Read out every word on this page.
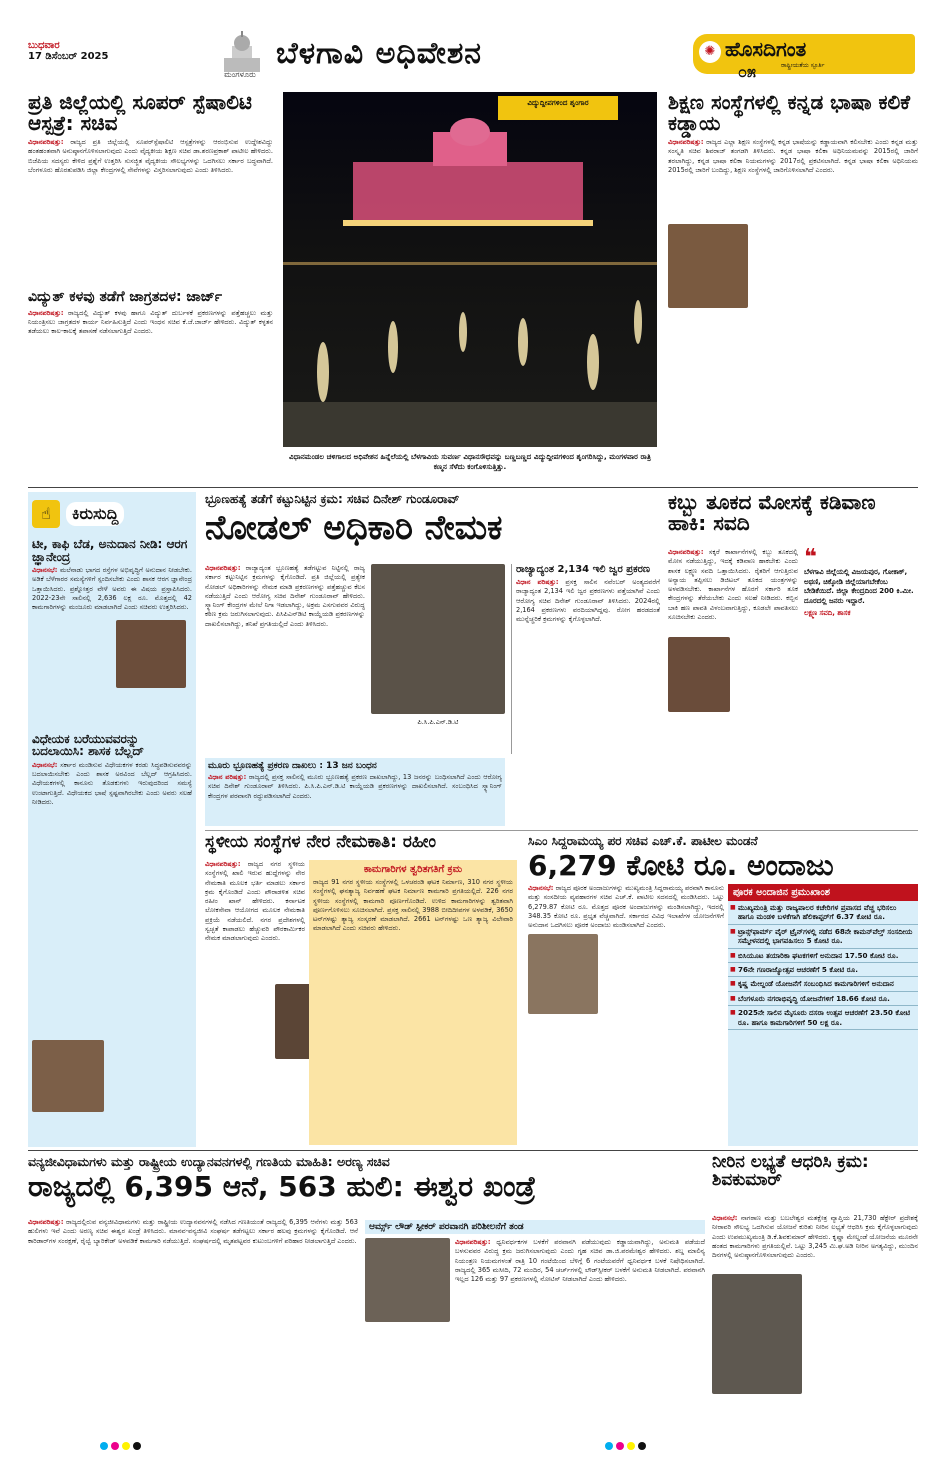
ಬುಧವಾರ
17 ಡಿಸೆಂಬರ್ 2025
ಮಂಗಳೂರು
ಬೆಳಗಾವಿ ಅಧಿವೇಶನ	✺ ಹೊಸದಿಗಂತ
ರಾಷ್ಟ್ರೀಯತೆಯ ಸ್ಫೂರ್ತಿ
೦೫
ಪ್ರತಿ ಜಿಲ್ಲೆಯಲ್ಲಿ ಸೂಪರ್ ಸ್ಪೆಷಾಲಿಟಿ ಆಸ್ಪತ್ರೆ: ಸಚಿವ
ವಿಧಾನಪರಿಷತ್ತು: ರಾಜ್ಯದ ಪ್ರತಿ ಜಿಲ್ಲೆಯಲ್ಲಿ ಸೂಪರ್‌ಸ್ಪೆಷಾಲಿಟಿ ಆಸ್ಪತ್ರೆಗಳನ್ನು ಆರಂಭಿಸುವ ಉದ್ದೇಶವಿದ್ದು ಹಂತಹಂತವಾಗಿ ಅನುಷ್ಠಾನಗೊಳಿಸಲಾಗುವುದು ಎಂದು ವೈದ್ಯಕೀಯ ಶಿಕ್ಷಣ ಸಚಿವ ಡಾ.ಶರಣಪ್ರಕಾಶ್ ಪಾಟೀಲ ಹೇಳಿದರು. ಬಿಜೆಪಿಯ ಸದಸ್ಯರು ಕೇಳಿದ ಪ್ರಶ್ನೆಗೆ ಉತ್ತರಿಸಿ ಸುಸಜ್ಜಿತ ವೈದ್ಯಕೀಯ ಸೌಲಭ್ಯಗಳನ್ನು ಒದಗಿಸಲು ಸರ್ಕಾರ ಬದ್ಧವಾಗಿದೆ. ಬೆಂಗಳೂರು ಹೊರತುಪಡಿಸಿ ಜಿಲ್ಲಾ ಕೇಂದ್ರಗಳಲ್ಲಿ ಸೇವೆಗಳನ್ನು ವಿಸ್ತರಿಸಲಾಗುವುದು ಎಂದು ತಿಳಿಸಿದರು.
ವಿದ್ಯುತ್ ಕಳವು ತಡೆಗೆ ಜಾಗ್ರತದಳ: ಜಾರ್ಜ್
ವಿಧಾನಪರಿಷತ್ತು: ರಾಜ್ಯದಲ್ಲಿ ವಿದ್ಯುತ್ ಕಳವು ಹಾಗೂ ವಿದ್ಯುತ್ ದುರ್ಬಳಕೆ ಪ್ರಕರಣಗಳನ್ನು ಪತ್ತೆಹಚ್ಚಲು ಮತ್ತು ನಿಯಂತ್ರಿಸಲು ಜಾಗ್ರತದಳ ಕಾರ್ಯ ನಿರ್ವಹಿಸುತ್ತಿದೆ ಎಂದು ಇಂಧನ ಸಚಿವ ಕೆ.ಜೆ.ಜಾರ್ಜ್ ಹೇಳಿದರು. ವಿದ್ಯುತ್ ಕಳ್ಳತನ ತಡೆಯಲು ಕಾಲ-ಕಾಲಕ್ಕೆ ತಪಾಸಣೆ ನಡೆಸಲಾಗುತ್ತಿದೆ ಎಂದರು.
ವಿದ್ಯುದ್ದೀಪಗಳಿಂದ ಶೃಂಗಾರ
ವಿಧಾನಮಂಡಲ ಚಳಿಗಾಲದ ಅಧಿವೇಶನ ಹಿನ್ನೆಲೆಯಲ್ಲಿ ಬೆಳಗಾವಿಯ ಸುವರ್ಣ ವಿಧಾನಸೌಧವನ್ನು ಬಣ್ಣಬಣ್ಣದ ವಿದ್ಯುದ್ದೀಪಗಳಿಂದ ಶೃಂಗರಿಸಿದ್ದು, ಮಂಗಳವಾರ ರಾತ್ರಿ ಕಣ್ಮನ ಸೆಳೆದು ಕಂಗೊಳಿಸುತ್ತಿತ್ತು.
ಶಿಕ್ಷಣ ಸಂಸ್ಥೆಗಳಲ್ಲಿ ಕನ್ನಡ ಭಾಷಾ ಕಲಿಕೆ ಕಡ್ಡಾಯ
ವಿಧಾನಪರಿಷತ್ತು: ರಾಜ್ಯದ ಎಲ್ಲಾ ಶಿಕ್ಷಣ ಸಂಸ್ಥೆಗಳಲ್ಲಿ ಕನ್ನಡ ಭಾಷೆಯನ್ನು ಕಡ್ಡಾಯವಾಗಿ ಕಲಿಸಬೇಕು ಎಂದು ಕನ್ನಡ ಮತ್ತು ಸಂಸ್ಕೃತಿ ಸಚಿವ ಶಿವರಾಜ್ ತಂಗಡಗಿ ತಿಳಿಸಿದರು. ಕನ್ನಡ ಭಾಷಾ ಕಲಿಕಾ ಅಧಿನಿಯಮವನ್ನು 2015ರಲ್ಲಿ ಜಾರಿಗೆ ತರಲಾಗಿದ್ದು, ಕನ್ನಡ ಭಾಷಾ ಕಲಿಕಾ ನಿಯಮಗಳನ್ನು 2017ರಲ್ಲಿ ಪ್ರಕಟಿಸಲಾಗಿದೆ. ಕನ್ನಡ ಭಾಷಾ ಕಲಿಕಾ ಅಧಿನಿಯಮ 2015ರಲ್ಲಿ ಜಾರಿಗೆ ಬಂದಿದ್ದು, ಶಿಕ್ಷಣ ಸಂಸ್ಥೆಗಳಲ್ಲಿ ಜಾರಿಗೊಳಿಸಲಾಗಿದೆ ಎಂದರು.
☝	ಕಿರುಸುದ್ದಿ
ಟೀ, ಕಾಫಿ ಬೆಡ, ಅನುದಾನ ನೀಡಿ: ಆರಗ ಜ್ಞಾನೇಂದ್ರ
ವಿಧಾನಸಭೆ: ಮಲೆನಾಡು ಭಾಗದ ರಸ್ತೆಗಳ ಅಭಿವೃದ್ಧಿಗೆ ಅನುದಾನ ನೀಡಬೇಕು. ಅಡಿಕೆ ಬೆಳೆಗಾರರ ಸಮಸ್ಯೆಗಳಿಗೆ ಸ್ಪಂದಿಸಬೇಕು ಎಂದು ಶಾಸಕ ಆರಗ ಜ್ಞಾನೇಂದ್ರ ಒತ್ತಾಯಿಸಿದರು. ಪ್ರಶ್ನೋತ್ತರ ವೇಳೆ ಅವರು ಈ ವಿಷಯ ಪ್ರಸ್ತಾಪಿಸಿದರು. 2022-23ನೇ ಸಾಲಿನಲ್ಲಿ 2,636 ಲಕ್ಷ ರೂ. ಮೊತ್ತದಲ್ಲಿ 42 ಕಾಮಗಾರಿಗಳನ್ನು ಮಂಜೂರು ಮಾಡಲಾಗಿದೆ ಎಂದು ಸಚಿವರು ಉತ್ತರಿಸಿದರು.
ವಿಧೇಯಕ ಬರೆಯುವವರನ್ನು ಬದಲಾಯಿಸಿ: ಶಾಸಕ ಬೆಲ್ಲದ್
ವಿಧಾನಸಭೆ: ಸರ್ಕಾರ ಮಂಡಿಸುವ ವಿಧೇಯಕಗಳ ಕರಡು ಸಿದ್ಧಪಡಿಸುವವರನ್ನು ಬದಲಾಯಿಸಬೇಕು ಎಂದು ಶಾಸಕ ಅರವಿಂದ ಬೆಲ್ಲದ್ ಆಗ್ರಹಿಸಿದರು. ವಿಧೇಯಕಗಳಲ್ಲಿ ಕಾನೂನು ತೊಡಕುಗಳು ಇರುವುದರಿಂದ ಸಮಸ್ಯೆ ಉಂಟಾಗುತ್ತಿದೆ. ವಿಧೇಯಕದ ಭಾಷೆ ಸ್ಪಷ್ಟವಾಗಿರಬೇಕು ಎಂದು ಅವರು ಸಲಹೆ ನೀಡಿದರು.
ಭ್ರೂಣಹತ್ಯೆ ತಡೆಗೆ ಕಟ್ಟುನಿಟ್ಟಿನ ಕ್ರಮ: ಸಚಿವ ದಿನೇಶ್ ಗುಂಡೂರಾವ್
ನೋಡಲ್ ಅಧಿಕಾರಿ ನೇಮಕ
ವಿಧಾನಪರಿಷತ್ತು: ರಾಜ್ಯಾದ್ಯಂತ ಭ್ರೂಣಹತ್ಯೆ ತಡೆಗಟ್ಟುವ ನಿಟ್ಟಿನಲ್ಲಿ ರಾಜ್ಯ ಸರ್ಕಾರ ಕಟ್ಟುನಿಟ್ಟಿನ ಕ್ರಮಗಳನ್ನು ಕೈಗೊಂಡಿದೆ. ಪ್ರತಿ ಜಿಲ್ಲೆಯಲ್ಲಿ ಪ್ರತ್ಯೇಕ ನೋಡಲ್ ಅಧಿಕಾರಿಗಳನ್ನು ನೇಮಕ ಮಾಡಿ ಪ್ರಕರಣಗಳನ್ನು ಪತ್ತೆಹಚ್ಚುವ ಕೆಲಸ ನಡೆಯುತ್ತಿದೆ ಎಂದು ಆರೋಗ್ಯ ಸಚಿವ ದಿನೇಶ್ ಗುಂಡೂರಾವ್ ಹೇಳಿದರು. ಸ್ಕ್ಯಾನಿಂಗ್ ಕೇಂದ್ರಗಳ ಮೇಲೆ ನಿಗಾ ಇಡಲಾಗಿದ್ದು, ಅಕ್ರಮ ಎಸಗುವವರ ವಿರುದ್ಧ ಕಠಿಣ ಕ್ರಮ ಜರುಗಿಸಲಾಗುವುದು. ಪಿಸಿಪಿಎನ್‌ಡಿಟಿ ಕಾಯ್ದೆಯಡಿ ಪ್ರಕರಣಗಳನ್ನು ದಾಖಲಿಸಲಾಗಿದ್ದು, ತನಿಖೆ ಪ್ರಗತಿಯಲ್ಲಿದೆ ಎಂದು ತಿಳಿಸಿದರು.
ಪಿ.ಸಿ.ಪಿ.ಎನ್.ಡಿ.ಟಿ
ರಾಜ್ಯಾದ್ಯಂತ 2,134 ಇಲಿ ಜ್ವರ ಪ್ರಕರಣ
ವಿಧಾನ ಪರಿಷತ್ತು: ಪ್ರಸಕ್ತ ಸಾಲಿನ ನವೆಂಬರ್ ಅಂತ್ಯದವರೆಗೆ ರಾಜ್ಯಾದ್ಯಂತ 2,134 ಇಲಿ ಜ್ವರ ಪ್ರಕರಣಗಳು ಪತ್ತೆಯಾಗಿವೆ ಎಂದು ಆರೋಗ್ಯ ಸಚಿವ ದಿನೇಶ್ ಗುಂಡೂರಾವ್ ತಿಳಿಸಿದರು. 2024ರಲ್ಲಿ 2,164 ಪ್ರಕರಣಗಳು ವರದಿಯಾಗಿದ್ದವು. ರೋಗ ಹರಡದಂತೆ ಮುನ್ನೆಚ್ಚರಿಕೆ ಕ್ರಮಗಳನ್ನು ಕೈಗೊಳ್ಳಲಾಗಿದೆ.
ಮೂರು ಭ್ರೂಣಹತ್ಯೆ ಪ್ರಕರಣ ದಾಖಲು : 13 ಜನ ಬಂಧನ
ವಿಧಾನ ಪರಿಷತ್ತು: ರಾಜ್ಯದಲ್ಲಿ ಪ್ರಸಕ್ತ ಸಾಲಿನಲ್ಲಿ ಮೂರು ಭ್ರೂಣಹತ್ಯೆ ಪ್ರಕರಣ ದಾಖಲಾಗಿದ್ದು, 13 ಜನರನ್ನು ಬಂಧಿಸಲಾಗಿದೆ ಎಂದು ಆರೋಗ್ಯ ಸಚಿವ ದಿನೇಶ್ ಗುಂಡೂರಾವ್ ತಿಳಿಸಿದರು. ಪಿ.ಸಿ.ಪಿ.ಎನ್.ಡಿ.ಟಿ ಕಾಯ್ದೆಯಡಿ ಪ್ರಕರಣಗಳನ್ನು ದಾಖಲಿಸಲಾಗಿದೆ. ಸಂಬಂಧಿಸಿದ ಸ್ಕ್ಯಾನಿಂಗ್ ಕೇಂದ್ರಗಳ ಪರವಾನಗಿ ರದ್ದುಪಡಿಸಲಾಗಿದೆ ಎಂದರು.
ಕಬ್ಬು ತೂಕದ ಮೋಸಕ್ಕೆ ಕಡಿವಾಣ ಹಾಕಿ: ಸವದಿ
ವಿಧಾನಪರಿಷತ್ತು: ಸಕ್ಕರೆ ಕಾರ್ಖಾನೆಗಳಲ್ಲಿ ಕಬ್ಬು ತೂಕದಲ್ಲಿ ಮೋಸ ನಡೆಯುತ್ತಿದ್ದು, ಇದಕ್ಕೆ ಕಡಿವಾಣ ಹಾಕಬೇಕು ಎಂದು ಶಾಸಕ ಲಕ್ಷ್ಮಣ ಸವದಿ ಒತ್ತಾಯಿಸಿದರು. ರೈತರಿಗೆ ಆಗುತ್ತಿರುವ ಅನ್ಯಾಯ ತಪ್ಪಿಸಲು ಡಿಜಿಟಲ್ ತೂಕದ ಯಂತ್ರಗಳನ್ನು ಅಳವಡಿಸಬೇಕು. ಕಾರ್ಖಾನೆಗಳ ಹೊರಗೆ ಸರ್ಕಾರಿ ತೂಕ ಕೇಂದ್ರಗಳನ್ನು ತೆರೆಯಬೇಕು ಎಂದು ಸಲಹೆ ನೀಡಿದರು. ಕಬ್ಬಿನ ಬಾಕಿ ಹಣ ಪಾವತಿ ವಿಳಂಬವಾಗುತ್ತಿದ್ದು, ಕೂಡಲೇ ಪಾವತಿಸಲು ಸೂಚಿಸಬೇಕು ಎಂದರು.
❝
ಬೆಳಗಾವಿ ಜಿಲ್ಲೆಯಲ್ಲಿ ವಿಜಯಪುರ, ಗೋಕಾಕ್, ಅಥಣಿ, ಚಿಕ್ಕೋಡಿ ಜಿಲ್ಲೆಯಾಗಬೇಕೆಂಬ ಬೇಡಿಕೆಯಿದೆ. ಜಿಲ್ಲಾ ಕೇಂದ್ರದಿಂದ 200 ಕಿ.ಮೀ. ದೂರದಲ್ಲಿ ಜನರು ಇದ್ದಾರೆ.
ಲಕ್ಷ್ಮಣ ಸವದಿ, ಶಾಸಕ
ಸ್ಥಳೀಯ ಸಂಸ್ಥೆಗಳ ನೇರ ನೇಮಕಾತಿ: ರಹೀಂ
ವಿಧಾನಪರಿಷತ್ತು: ರಾಜ್ಯದ ನಗರ ಸ್ಥಳೀಯ ಸಂಸ್ಥೆಗಳಲ್ಲಿ ಖಾಲಿ ಇರುವ ಹುದ್ದೆಗಳನ್ನು ನೇರ ನೇಮಕಾತಿ ಮೂಲಕ ಭರ್ತಿ ಮಾಡಲು ಸರ್ಕಾರ ಕ್ರಮ ಕೈಗೊಂಡಿದೆ ಎಂದು ಪೌರಾಡಳಿತ ಸಚಿವ ರಹೀಂ ಖಾನ್ ಹೇಳಿದರು. ಕರ್ನಾಟಕ ಲೋಕಸೇವಾ ಆಯೋಗದ ಮೂಲಕ ನೇಮಕಾತಿ ಪ್ರಕ್ರಿಯೆ ನಡೆಯಲಿದೆ. ನಗರ ಪ್ರದೇಶಗಳಲ್ಲಿ ಸ್ವಚ್ಛತೆ ಕಾಪಾಡಲು ಹೆಚ್ಚುವರಿ ಪೌರಕಾರ್ಮಿಕರ ನೇಮಕ ಮಾಡಲಾಗುವುದು ಎಂದರು.
ಕಾಮಗಾರಿಗಳ ತ್ವರಿತಗತಿಗೆ ಕ್ರಮ
ರಾಜ್ಯದ 91 ನಗರ ಸ್ಥಳೀಯ ಸಂಸ್ಥೆಗಳಲ್ಲಿ ಒಳಚರಂಡಿ ಘಟಕ ನಿರ್ಮಾಣ, 310 ನಗರ ಸ್ಥಳೀಯ ಸಂಸ್ಥೆಗಳಲ್ಲಿ ಘನತ್ಯಾಜ್ಯ ನಿರ್ವಹಣೆ ಘಟಕ ನಿರ್ಮಾಣ ಕಾಮಗಾರಿ ಪ್ರಗತಿಯಲ್ಲಿದೆ. 226 ನಗರ ಸ್ಥಳೀಯ ಸಂಸ್ಥೆಗಳಲ್ಲಿ ಕಾಮಗಾರಿ ಪೂರ್ಣಗೊಂಡಿದೆ. ಉಳಿದ ಕಾಮಗಾರಿಗಳನ್ನು ತ್ವರಿತವಾಗಿ ಪೂರ್ಣಗೊಳಿಸಲು ಸೂಚಿಸಲಾಗಿದೆ. ಪ್ರಸಕ್ತ ಸಾಲಿನಲ್ಲಿ 3988 ಬೀದಿದೀಪಗಳ ಅಳವಡಿಕೆ, 3650 ಟನ್‌ಗಳಷ್ಟು ತ್ಯಾಜ್ಯ ಸಂಸ್ಕರಣೆ ಮಾಡಲಾಗಿದೆ. 2661 ಟನ್‌ಗಳಷ್ಟು ಒಣ ತ್ಯಾಜ್ಯ ವಿಲೇವಾರಿ ಮಾಡಲಾಗಿದೆ ಎಂದು ಸಚಿವರು ಹೇಳಿದರು.
ಸಿಎಂ ಸಿದ್ದರಾಮಯ್ಯ ಪರ ಸಚಿವ ಎಚ್.ಕೆ. ಪಾಟೀಲ ಮಂಡನೆ
6,279 ಕೋಟಿ ರೂ. ಅಂದಾಜು
ವಿಧಾನಸಭೆ: ರಾಜ್ಯದ ಪೂರಕ ಅಂದಾಜುಗಳನ್ನು ಮುಖ್ಯಮಂತ್ರಿ ಸಿದ್ದರಾಮಯ್ಯ ಪರವಾಗಿ ಕಾನೂನು ಮತ್ತು ಸಂಸದೀಯ ವ್ಯವಹಾರಗಳ ಸಚಿವ ಎಚ್.ಕೆ. ಪಾಟೀಲ ಸದನದಲ್ಲಿ ಮಂಡಿಸಿದರು. ಒಟ್ಟು 6,279.87 ಕೋಟಿ ರೂ. ಮೊತ್ತದ ಪೂರಕ ಅಂದಾಜುಗಳನ್ನು ಮಂಡಿಸಲಾಗಿದ್ದು, ಇದರಲ್ಲಿ 348.35 ಕೋಟಿ ರೂ. ಪ್ರಭೃತ ವೆಚ್ಚವಾಗಿದೆ. ಸರ್ಕಾರದ ವಿವಿಧ ಇಲಾಖೆಗಳ ಯೋಜನೆಗಳಿಗೆ ಅನುದಾನ ಒದಗಿಸಲು ಪೂರಕ ಅಂದಾಜು ಮಂಡಿಸಲಾಗಿದೆ ಎಂದರು.
ಪೂರಕ ಅಂದಾಜಿನ ಪ್ರಮುಖಾಂಶ
■ ಮುಖ್ಯಮಂತ್ರಿ ಮತ್ತು ರಾಜ್ಯಪಾಲರ ಕಚೇರಿಗಳ ಪ್ರವಾಸದ ವೆಚ್ಚ ಭರಿಸಲು ಹಾಗೂ ಮಂಡಳಿ ಬಳಕೆಗಾಗಿ ಹೆಲಿಕಾಪ್ಟರ್‌ಗೆ 6.37 ಕೋಟಿ ರೂ.
■ ಟ್ರಾನ್ಸ್‌ಫಾರ್ಮ್‌ ವೈರ್ ಟ್ರೈನ್‌ಗಳಲ್ಲಿ ನಡೆದ 68ನೇ ಕಾಮನ್‌ವೆಲ್ತ್ ಸಂಸದೀಯ ಸಮ್ಮೇಳನದಲ್ಲಿ ಭಾಗವಹಿಸಲು 5 ಕೋಟಿ ರೂ.
■ ಬಿಸಿಯೂಟ ತಯಾರಿಕಾ ಘಟಕಗಳಿಗೆ ಅನುದಾನ 17.50 ಕೋಟಿ ರೂ.
■ 76ನೇ ಗಣರಾಜ್ಯೋತ್ಸವ ಆಚರಣೆಗೆ 5 ಕೋಟಿ ರೂ.
■ ಕೃಷ್ಣ ಮೇಲ್ದಂಡೆ ಯೋಜನೆಗೆ ಸಂಬಂಧಿಸಿದ ಕಾಮಗಾರಿಗಳಿಗೆ ಅನುದಾನ
■ ಬೆಂಗಳೂರು ನಗರಾಭಿವೃದ್ಧಿ ಯೋಜನೆಗಳಿಗೆ 18.66 ಕೋಟಿ ರೂ.
■ 2025ನೇ ಸಾಲಿನ ಮೈಸೂರು ದಸರಾ ಉತ್ಸವ ಆಚರಣೆಗೆ 23.50 ಕೋಟಿ ರೂ. ಹಾಗೂ ಕಾಮಗಾರಿಗಳಿಗೆ 50 ಲಕ್ಷ ರೂ.
ವನ್ಯಜೀವಿಧಾಮಗಳು ಮತ್ತು ರಾಷ್ಟ್ರೀಯ ಉದ್ಯಾನವನಗಳಲ್ಲಿ ಗಣತಿಯ ಮಾಹಿತಿ: ಅರಣ್ಯ ಸಚಿವ
ರಾಜ್ಯದಲ್ಲಿ 6,395 ಆನೆ, 563 ಹುಲಿ: ಈಶ್ವರ ಖಂಡ್ರೆ
ವಿಧಾನಪರಿಷತ್ತು: ರಾಜ್ಯದಲ್ಲಿರುವ ವನ್ಯಜೀವಿಧಾಮಗಳು ಮತ್ತು ರಾಷ್ಟ್ರೀಯ ಉದ್ಯಾನವನಗಳಲ್ಲಿ ನಡೆಸಿದ ಗಣತಿಯಂತೆ ರಾಜ್ಯದಲ್ಲಿ 6,395 ಆನೆಗಳು ಮತ್ತು 563 ಹುಲಿಗಳು ಇವೆ ಎಂದು ಅರಣ್ಯ ಸಚಿವ ಈಶ್ವರ ಖಂಡ್ರೆ ತಿಳಿಸಿದರು. ಮಾನವ-ವನ್ಯಜೀವಿ ಸಂಘರ್ಷ ತಡೆಗಟ್ಟಲು ಸರ್ಕಾರ ಹಲವು ಕ್ರಮಗಳನ್ನು ಕೈಗೊಂಡಿದೆ. ಆನೆ ಕಾರಿಡಾರ್‌ಗಳ ಸಂರಕ್ಷಣೆ, ರೈಲ್ವೆ ಬ್ಯಾರಿಕೇಡ್ ಅಳವಡಿಕೆ ಕಾಮಗಾರಿ ನಡೆಯುತ್ತಿದೆ. ಸಂಘರ್ಷದಲ್ಲಿ ಮೃತಪಟ್ಟವರ ಕುಟುಂಬಗಳಿಗೆ ಪರಿಹಾರ ನೀಡಲಾಗುತ್ತಿದೆ ಎಂದರು.
ಆರ್ಮ್ಸ್‌ ಲೌಡ್ ಸ್ಪೀಕರ್ ಪರವಾನಗಿ ಪರಿಶೀಲನೆಗೆ ತಂಡ
ವಿಧಾನಪರಿಷತ್ತು: ಧ್ವನಿವರ್ಧಕಗಳ ಬಳಕೆಗೆ ಪರವಾನಗಿ ಪಡೆಯುವುದು ಕಡ್ಡಾಯವಾಗಿದ್ದು, ಅನುಮತಿ ಪಡೆಯದೆ ಬಳಸುವವರ ವಿರುದ್ಧ ಕ್ರಮ ಜರುಗಿಸಲಾಗುವುದು ಎಂದು ಗೃಹ ಸಚಿವ ಡಾ.ಜಿ.ಪರಮೇಶ್ವರ ಹೇಳಿದರು. ಶಬ್ದ ಮಾಲಿನ್ಯ ನಿಯಂತ್ರಣ ನಿಯಮಗಳಂತೆ ರಾತ್ರಿ 10 ಗಂಟೆಯಿಂದ ಬೆಳಿಗ್ಗೆ 6 ಗಂಟೆಯವರೆಗೆ ಧ್ವನಿವರ್ಧಕ ಬಳಕೆ ನಿಷೇಧಿಸಲಾಗಿದೆ. ರಾಜ್ಯದಲ್ಲಿ 365 ಮಸೀದಿ, 72 ಮಂದಿರ, 54 ಚರ್ಚ್‌ಗಳಲ್ಲಿ ಲೌಡ್‌ಸ್ಪೀಕರ್ ಬಳಕೆಗೆ ಅನುಮತಿ ನೀಡಲಾಗಿದೆ. ಪರವಾನಗಿ ಇಲ್ಲದ 126 ಮತ್ತು 97 ಪ್ರಕರಣಗಳಲ್ಲಿ ನೋಟಿಸ್ ನೀಡಲಾಗಿದೆ ಎಂದು ಹೇಳಿದರು.
ನೀರಿನ ಲಭ್ಯತೆ ಆಧರಿಸಿ ಕ್ರಮ: ಶಿವಕುಮಾರ್
ವಿಧಾನಸಭೆ: ನಾಗಠಾಣ ಮತ್ತು ಬಬಲೇಶ್ವರ ಮತಕ್ಷೇತ್ರ ವ್ಯಾಪ್ತಿಯ 21,730 ಹೆಕ್ಟೇರ್ ಪ್ರದೇಶಕ್ಕೆ ನೀರಾವರಿ ಸೌಲಭ್ಯ ಒದಗಿಸುವ ಯೋಜನೆ ಕುರಿತು ನೀರಿನ ಲಭ್ಯತೆ ಆಧರಿಸಿ ಕ್ರಮ ಕೈಗೊಳ್ಳಲಾಗುವುದು ಎಂದು ಉಪಮುಖ್ಯಮಂತ್ರಿ ಡಿ.ಕೆ.ಶಿವಕುಮಾರ್ ಹೇಳಿದರು. ಕೃಷ್ಣಾ ಮೇಲ್ದಂಡೆ ಯೋಜನೆಯ ಮೂರನೇ ಹಂತದ ಕಾಮಗಾರಿಗಳು ಪ್ರಗತಿಯಲ್ಲಿವೆ. ಒಟ್ಟು 3,245 ಮಿ.ಘ.ಅಡಿ ನೀರಿನ ಅಗತ್ಯವಿದ್ದು, ಮುಂದಿನ ದಿನಗಳಲ್ಲಿ ಅನುಷ್ಠಾನಗೊಳಿಸಲಾಗುವುದು ಎಂದರು.
